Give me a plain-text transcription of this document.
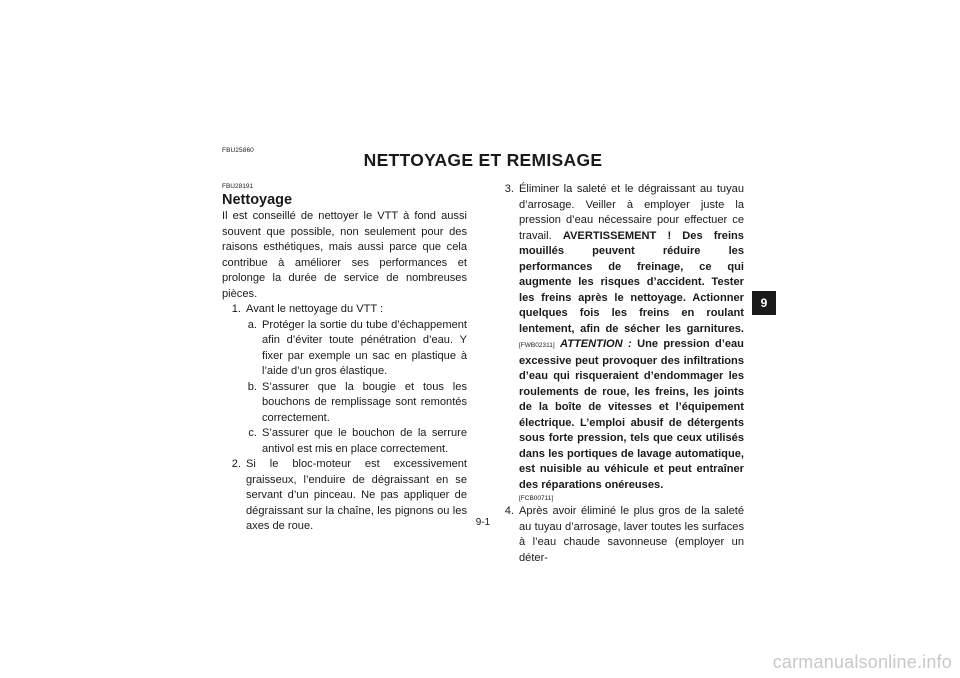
FBU25860	NETTOYAGE ET REMISAGE
FBU28191
Nettoyage

Il est conseillé de nettoyer le VTT à fond aussi souvent que possible, non seulement pour des raisons esthétiques, mais aussi parce que cela contribue à améliorer ses performances et prolonge la durée de service de nombreuses pièces.

1. Avant le nettoyage du VTT :
a. Protéger la sortie du tube d’échappement afin d’éviter toute pénétration d’eau. Y fixer par exemple un sac en plastique à l’aide d’un gros élastique.
b. S’assurer que la bougie et tous les bouchons de remplissage sont remontés correctement.
c. S’assurer que le bouchon de la serrure antivol est mis en place correctement.
2. Si le bloc-moteur est excessivement graisseux, l’enduire de dégraissant en se servant d’un pinceau. Ne pas appliquer de dégraissant sur la chaîne, les pignons ou les axes de roue.
3. Éliminer la saleté et le dégraissant au tuyau d’arrosage. Veiller à employer juste la pression d’eau nécessaire pour effectuer ce travail. AVERTISSEMENT ! Des freins mouillés peuvent réduire les performances de freinage, ce qui augmente les risques d’accident. Tester les freins après le nettoyage. Actionner quelques fois les freins en roulant lentement, afin de sécher les garnitures. [FWB02311] ATTENTION : Une pression d’eau excessive peut provoquer des infiltrations d’eau qui risqueraient d’endommager les roulements de roue, les freins, les joints de la boîte de vitesses et l’équipement électrique. L’emploi abusif de détergents sous forte pression, tels que ceux utilisés dans les portiques de lavage automatique, est nuisible au véhicule et peut entraîner des réparations onéreuses.
[FCB00711]
4. Après avoir éliminé le plus gros de la saleté au tuyau d’arrosage, laver toutes les surfaces à l’eau chaude savonneuse (employer un déter-
9
9-1
carmanualsonline.info
